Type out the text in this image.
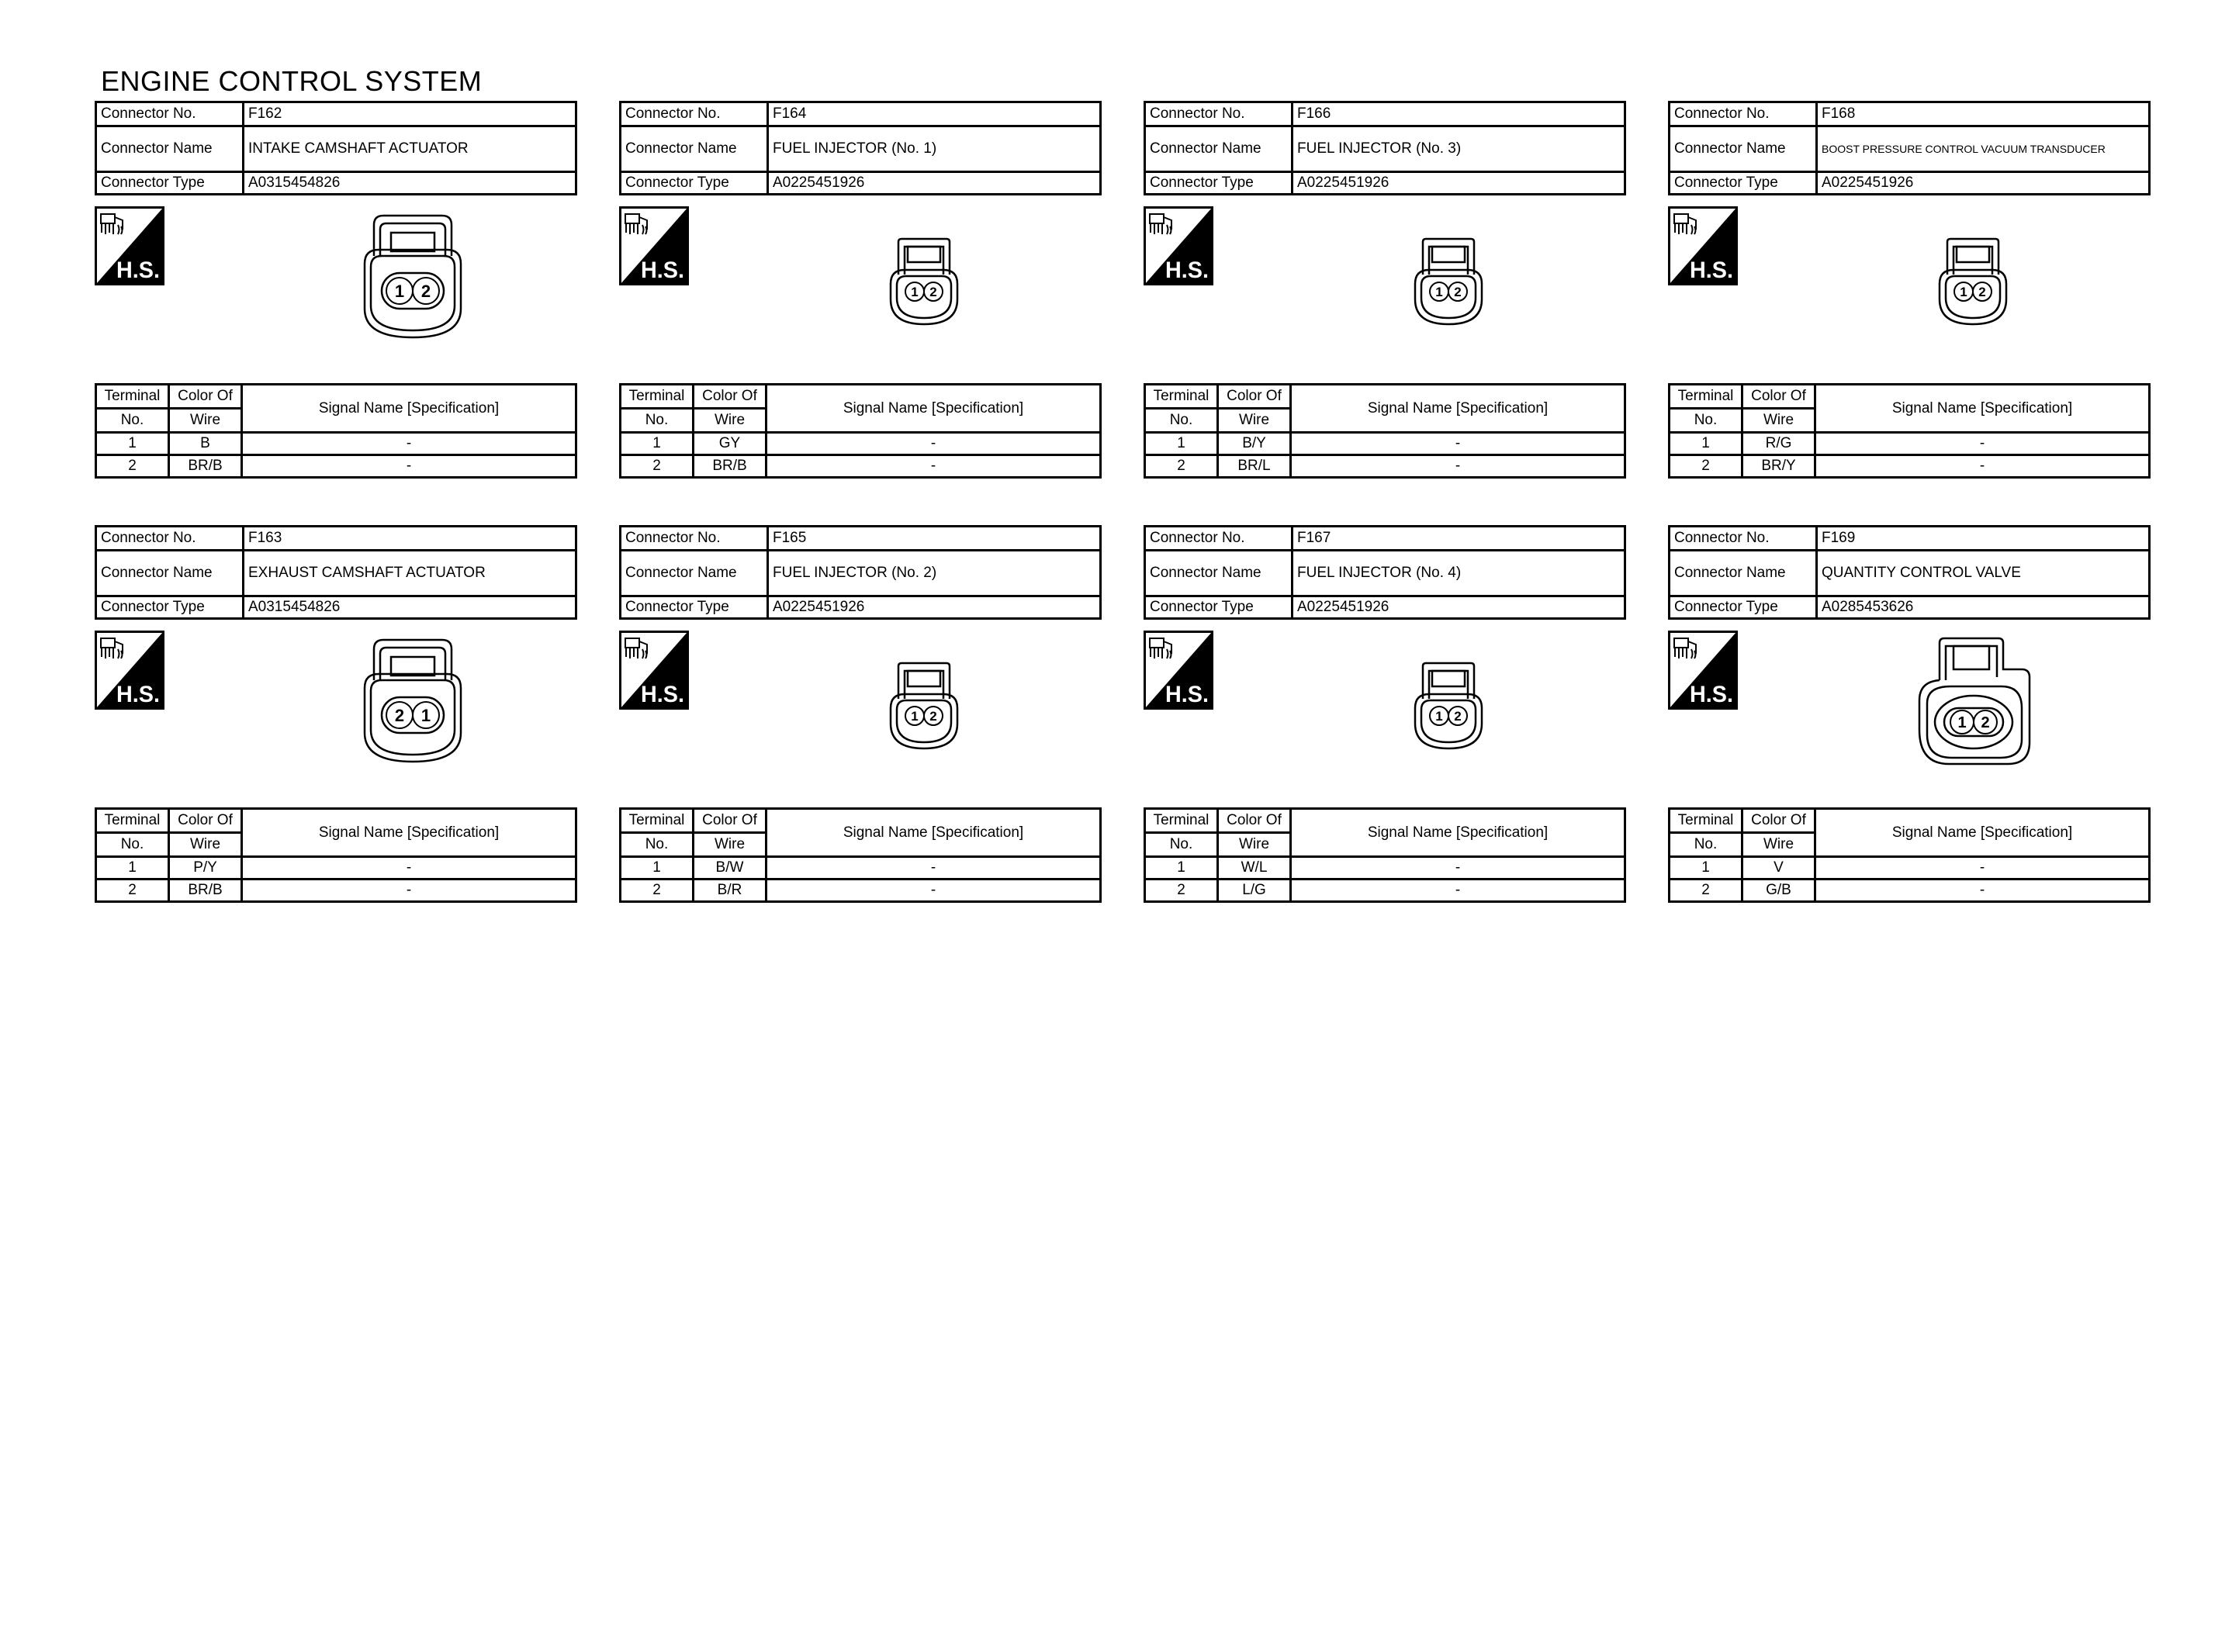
ENGINE CONTROL SYSTEM
Connector No.	F162
Connector Name	INTAKE CAMSHAFT ACTUATOR
Connector Type	A0315454826
H.S.
1 2
Terminal	Color Of	Signal Name [Specification]
No.	Wire	
1	B	-
2	BR/B	-
Connector No.	F164
Connector Name	FUEL INJECTOR (No. 1)
Connector Type	A0225451926
H.S.
1 2
Terminal	Color Of	Signal Name [Specification]
No.	Wire	
1	GY	-
2	BR/B	-
Connector No.	F166
Connector Name	FUEL INJECTOR (No. 3)
Connector Type	A0225451926
H.S.
1 2
Terminal	Color Of	Signal Name [Specification]
No.	Wire	
1	B/Y	-
2	BR/L	-
Connector No.	F168
Connector Name	BOOST PRESSURE CONTROL VACUUM TRANSDUCER
Connector Type	A0225451926
H.S.
1 2
Terminal	Color Of	Signal Name [Specification]
No.	Wire	
1	R/G	-
2	BR/Y	-
Connector No.	F163
Connector Name	EXHAUST CAMSHAFT ACTUATOR
Connector Type	A0315454826
H.S.
2 1
Terminal	Color Of	Signal Name [Specification]
No.	Wire	
1	P/Y	-
2	BR/B	-
Connector No.	F165
Connector Name	FUEL INJECTOR (No. 2)
Connector Type	A0225451926
H.S.
1 2
Terminal	Color Of	Signal Name [Specification]
No.	Wire	
1	B/W	-
2	B/R	-
Connector No.	F167
Connector Name	FUEL INJECTOR (No. 4)
Connector Type	A0225451926
H.S.
1 2
Terminal	Color Of	Signal Name [Specification]
No.	Wire	
1	W/L	-
2	L/G	-
Connector No.	F169
Connector Name	QUANTITY CONTROL VALVE
Connector Type	A0285453626
H.S.
1 2
Terminal	Color Of	Signal Name [Specification]
No.	Wire	
1	V	-
2	G/B	-
